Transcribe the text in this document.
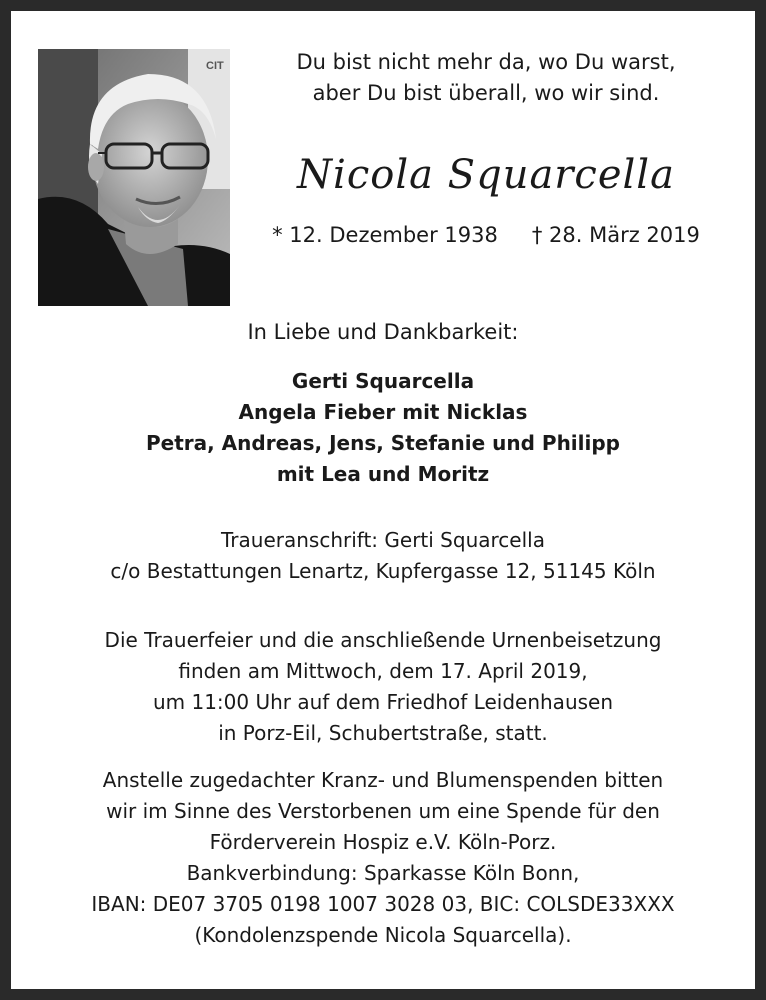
CIT	Du bist nicht mehr da, wo Du warst,
aber Du bist überall, wo wir sind.
Nicola Squarcella
* 12. Dezember 1938 † 28. März 2019
In Liebe und Dankbarkeit:
Gerti Squarcella
Angela Fieber mit Nicklas
Petra, Andreas, Jens, Stefanie und Philipp
mit Lea und Moritz
Traueranschrift: Gerti Squarcella
c/o Bestattungen Lenartz, Kupfergasse 12, 51145 Köln
Die Trauerfeier und die anschließende Urnenbeisetzung
finden am Mittwoch, dem 17. April 2019,
um 11:00 Uhr auf dem Friedhof Leidenhausen
in Porz-Eil, Schubertstraße, statt.
Anstelle zugedachter Kranz- und Blumenspenden bitten
wir im Sinne des Verstorbenen um eine Spende für den
Förderverein Hospiz e.V. Köln-Porz.
Bankverbindung: Sparkasse Köln Bonn,
IBAN: DE07 3705 0198 1007 3028 03, BIC: COLSDE33XXX
(Kondolenzspende Nicola Squarcella).
